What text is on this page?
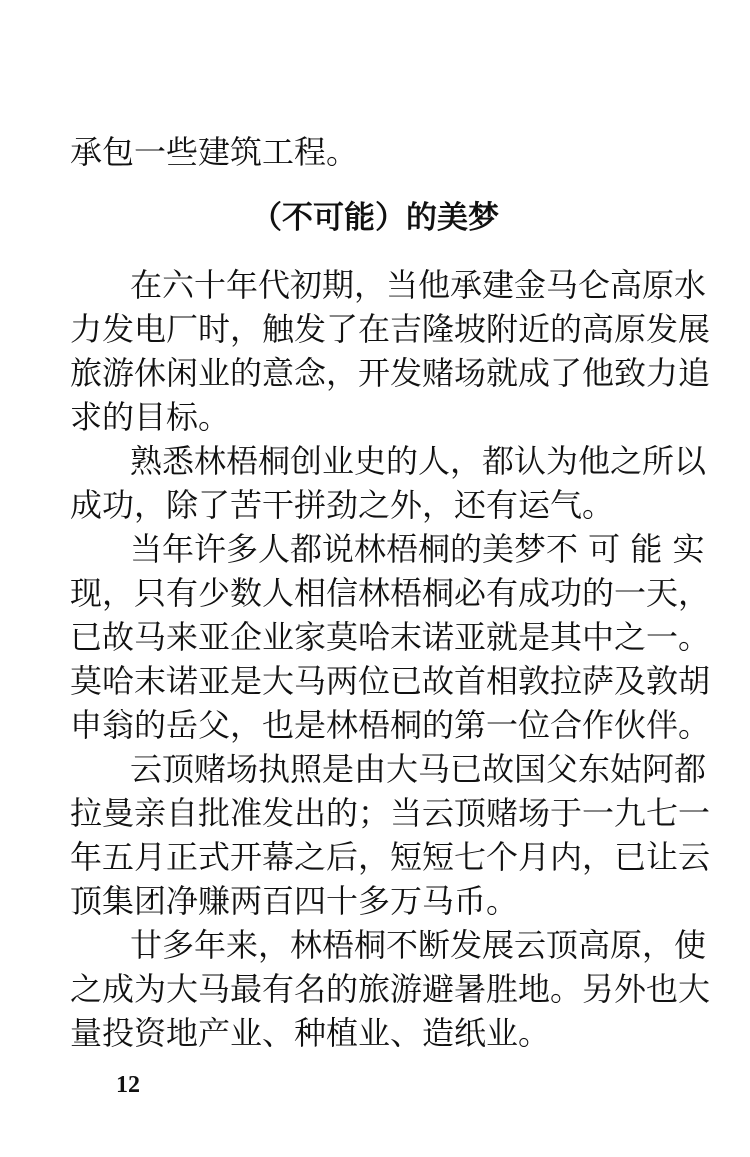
承包一些建筑工程。
（不可能）的美梦
在六十年代初期，当他承建金马仑高原水
力发电厂时，触发了在吉隆坡附近的高原发展
旅游休闲业的意念，开发赌场就成了他致力追
求的目标。
熟悉林梧桐创业史的人，都认为他之所以
成功，除了苦干拼劲之外，还有运气。
当年许多人都说林梧桐的美梦不 可 能 实
现，只有少数人相信林梧桐必有成功的一天，
已故马来亚企业家莫哈末诺亚就是其中之一。
莫哈末诺亚是大马两位已故首相敦拉萨及敦胡
申翁的岳父，也是林梧桐的第一位合作伙伴。
云顶赌场执照是由大马已故国父东姑阿都
拉曼亲自批准发出的；当云顶赌场于一九七一
年五月正式开幕之后，短短七个月内，已让云
顶集团净赚两百四十多万马币。
廿多年来，林梧桐不断发展云顶高原，使
之成为大马最有名的旅游避暑胜地。另外也大
量投资地产业、种植业、造纸业。
12
